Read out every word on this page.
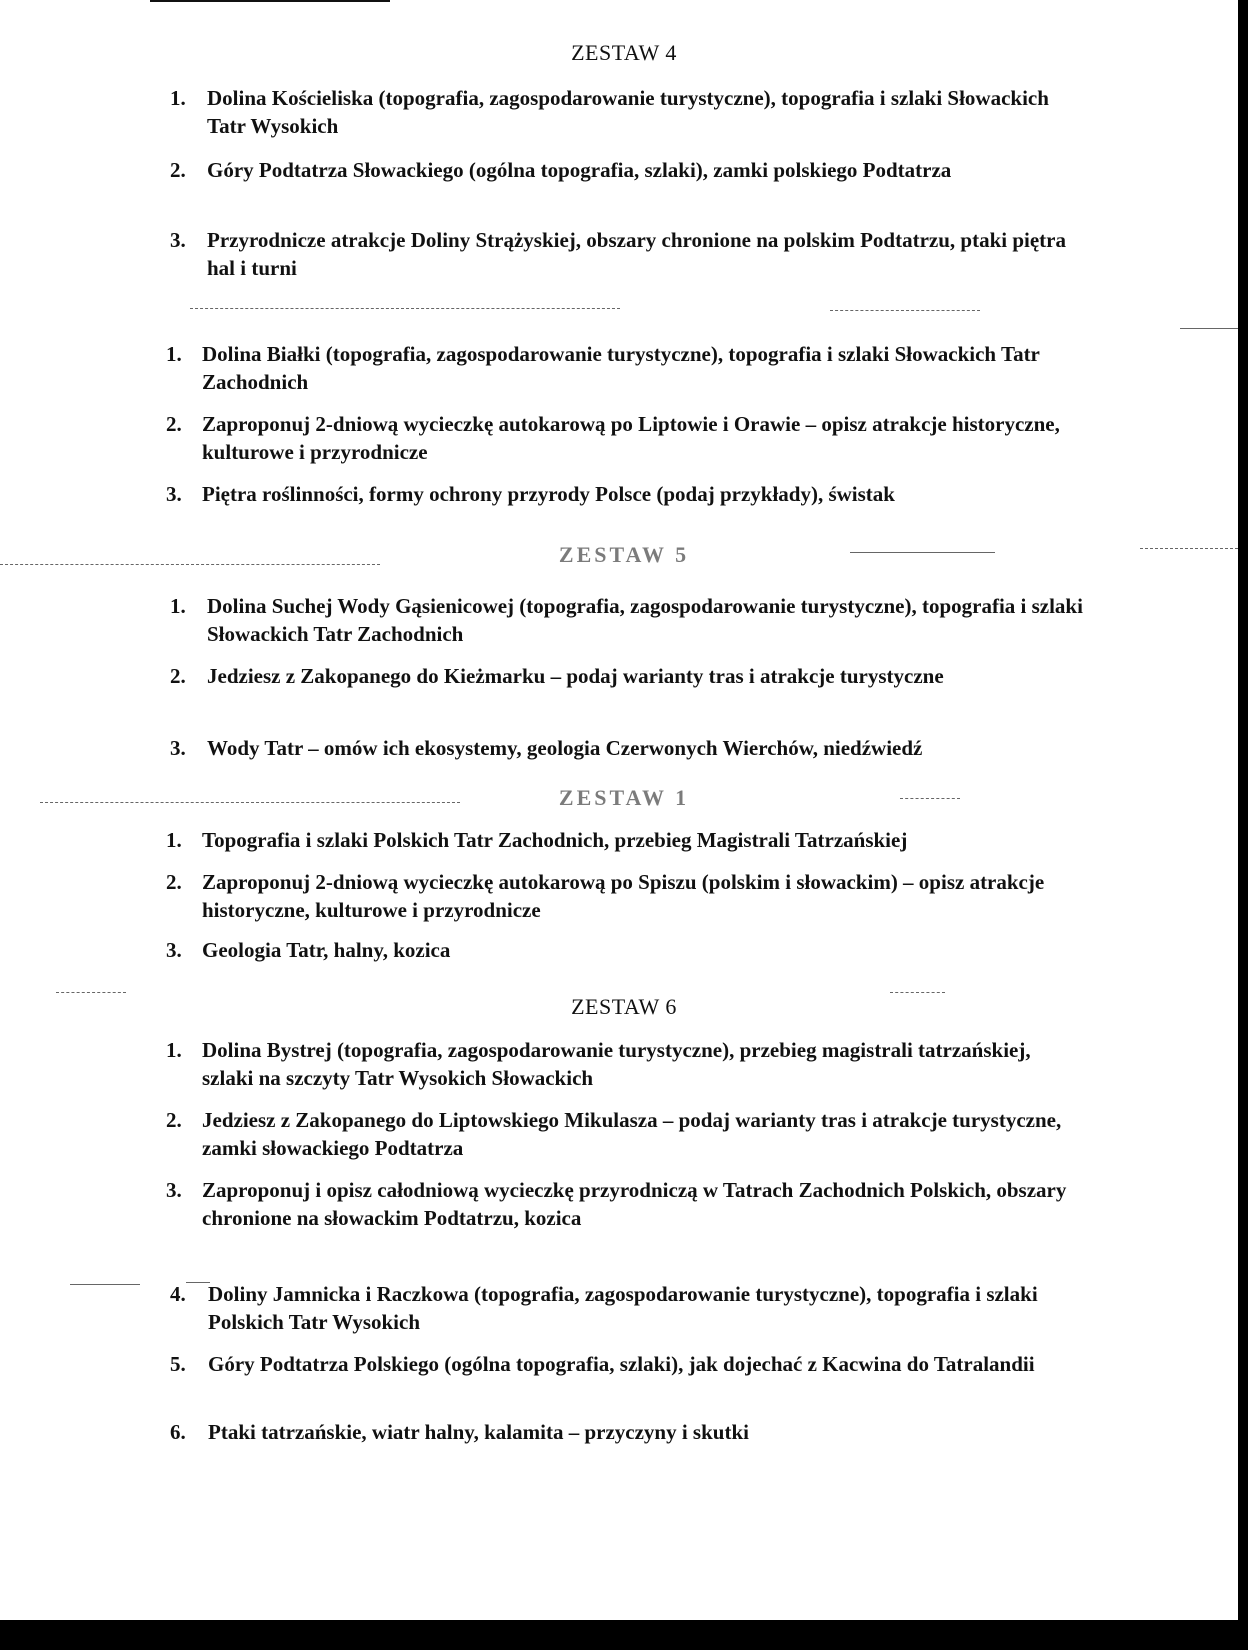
ZESTAW 4
1.	Dolina Kościeliska (topografia, zagospodarowanie turystyczne), topografia i szlaki Słowackich Tatr Wysokich
2.	Góry Podtatrza Słowackiego (ogólna topografia, szlaki), zamki polskiego Podtatrza
3.	Przyrodnicze atrakcje Doliny Strążyskiej, obszary chronione na polskim Podtatrzu, ptaki piętra hal i turni
1. Dolina Białki (topografia, zagospodarowanie turystyczne), topografia i szlaki Słowackich Tatr Zachodnich
2. Zaproponuj 2-dniową wycieczkę autokarową po Liptowie i Orawie – opisz atrakcje historyczne, kulturowe i przyrodnicze
3. Piętra roślinności, formy ochrony przyrody Polsce (podaj przykłady), świstak
ZESTAW 5
1.	Dolina Suchej Wody Gąsienicowej (topografia, zagospodarowanie turystyczne), topografia i szlaki Słowackich Tatr Zachodnich
2.	Jedziesz z Zakopanego do Kieżmarku – podaj warianty tras i atrakcje turystyczne
3.	Wody Tatr – omów ich ekosystemy, geologia Czerwonych Wierchów, niedźwiedź
ZESTAW 1
1. Topografia i szlaki Polskich Tatr Zachodnich, przebieg Magistrali Tatrzańskiej
2. Zaproponuj 2-dniową wycieczkę autokarową po Spiszu (polskim i słowackim) – opisz atrakcje historyczne, kulturowe i przyrodnicze
3. Geologia Tatr, halny, kozica
ZESTAW 6
1. Dolina Bystrej (topografia, zagospodarowanie turystyczne), przebieg magistrali tatrzańskiej, szlaki na szczyty Tatr Wysokich Słowackich
2. Jedziesz z Zakopanego do Liptowskiego Mikulasza – podaj warianty tras i atrakcje turystyczne, zamki słowackiego Podtatrza
3. Zaproponuj i opisz całodniową wycieczkę przyrodniczą w Tatrach Zachodnich Polskich, obszary chronione na słowackim Podtatrzu, kozica
4.	Doliny Jamnicka i Raczkowa (topografia, zagospodarowanie turystyczne), topografia i szlaki Polskich Tatr Wysokich
5.	Góry Podtatrza Polskiego (ogólna topografia, szlaki), jak dojechać z Kacwina do Tatralandii
6.	Ptaki tatrzańskie, wiatr halny, kalamita – przyczyny i skutki
